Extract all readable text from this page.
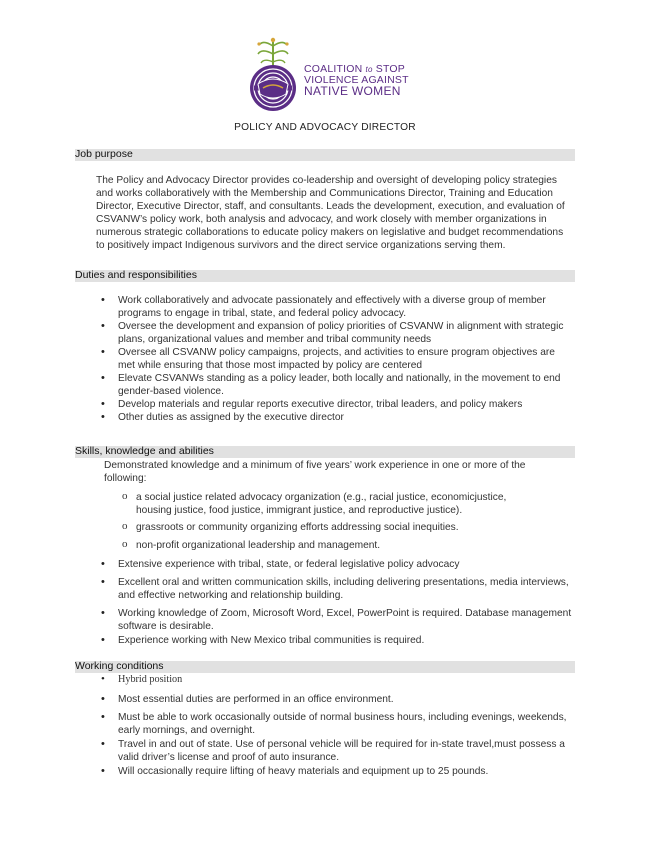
COALITION to STOP
VIOLENCE AGAINST
NATIVE WOMEN
POLICY AND ADVOCACY DIRECTOR
Job purpose
The Policy and Advocacy Director provides co-leadership and oversight of developing policy strategies and works collaboratively with the Membership and Communications Director, Training and Education Director, Executive Director, staff, and consultants. Leads the development, execution, and evaluation of CSVANW’s policy work, both analysis and advocacy, and work closely with member organizations in numerous strategic collaborations to educate policy makers on legislative and budget recommendations to positively impact Indigenous survivors and the direct service organizations serving them.
Duties and responsibilities
• Work collaboratively and advocate passionately and effectively with a diverse group of member programs to engage in tribal, state, and federal policy advocacy.
• Oversee the development and expansion of policy priorities of CSVANW in alignment with strategic plans, organizational values and member and tribal community needs
• Oversee all CSVANW policy campaigns, projects, and activities to ensure program objectives are met while ensuring that those most impacted by policy are centered
• Elevate CSVANWs standing as a policy leader, both locally and nationally, in the movement to end gender-based violence.
• Develop materials and regular reports executive director, tribal leaders, and policy makers
• Other duties as assigned by the executive director
Skills, knowledge and abilities
Demonstrated knowledge and a minimum of five years’ work experience in one or more of the following:
o a social justice related advocacy organization (e.g., racial justice, economicjustice, housing justice, food justice, immigrant justice, and reproductive justice).
o grassroots or community organizing efforts addressing social inequities.
o non-profit organizational leadership and management.
• Extensive experience with tribal, state, or federal legislative policy advocacy
• Excellent oral and written communication skills, including delivering presentations, media interviews, and effective networking and relationship building.
• Working knowledge of Zoom, Microsoft Word, Excel, PowerPoint is required. Database management software is desirable.
• Experience working with New Mexico tribal communities is required.
Working conditions
• Hybrid position
• Most essential duties are performed in an office environment.
• Must be able to work occasionally outside of normal business hours, including evenings, weekends, early mornings, and overnight.
• Travel in and out of state. Use of personal vehicle will be required for in-state travel,must possess a valid driver’s license and proof of auto insurance.
• Will occasionally require lifting of heavy materials and equipment up to 25 pounds.
